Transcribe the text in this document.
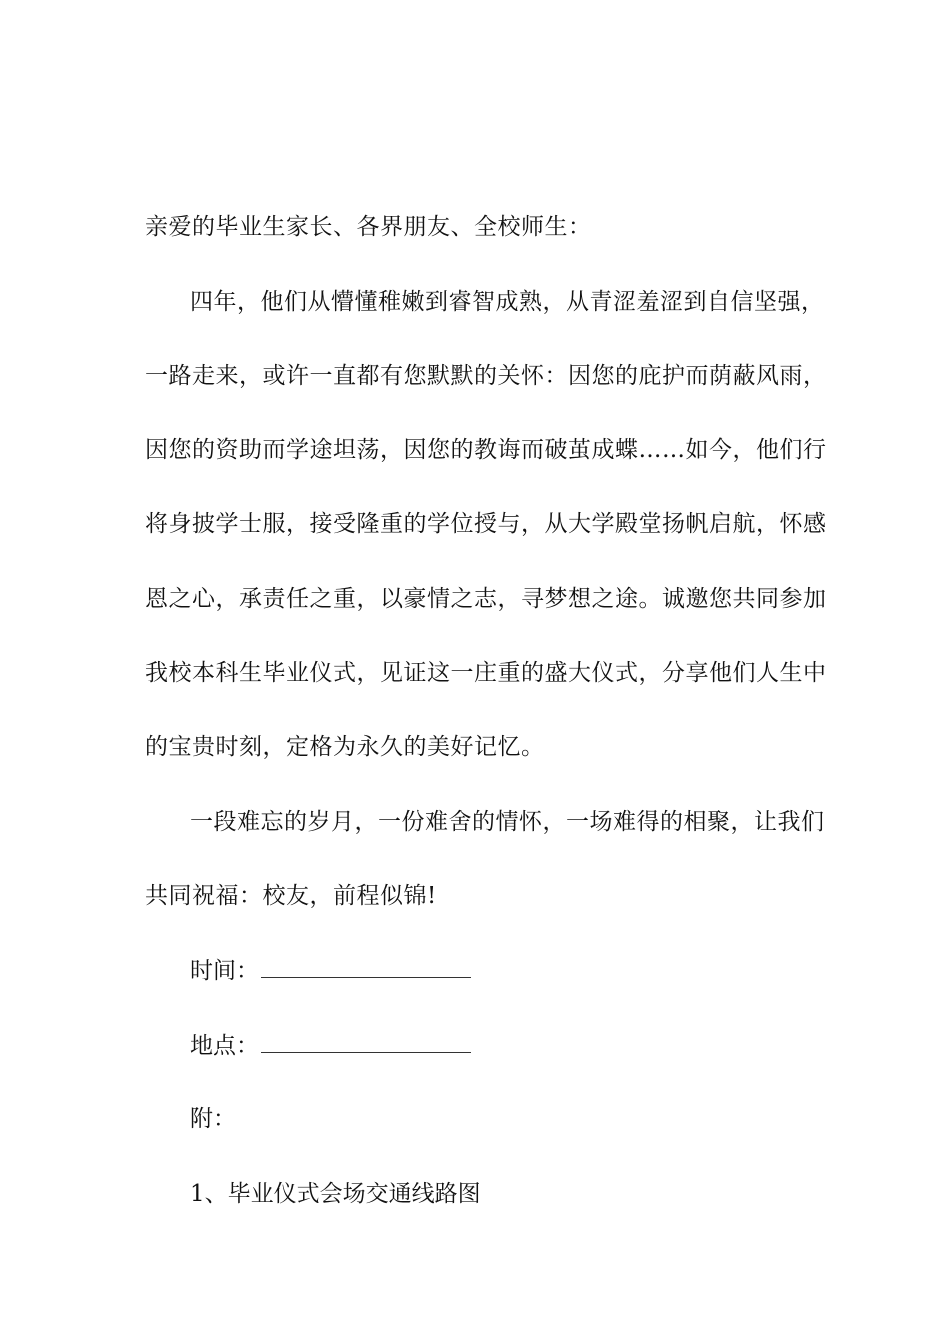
亲爱的毕业生家长、各界朋友、全校师生：
四年，他们从懵懂稚嫩到睿智成熟，从青涩羞涩到自信坚强，
一路走来，或许一直都有您默默的关怀：因您的庇护而荫蔽风雨，
因您的资助而学途坦荡，因您的教诲而破茧成蝶……如今，他们行
将身披学士服，接受隆重的学位授与，从大学殿堂扬帆启航，怀感
恩之心，承责任之重，以豪情之志，寻梦想之途。诚邀您共同参加
我校本科生毕业仪式，见证这一庄重的盛大仪式，分享他们人生中
的宝贵时刻，定格为永久的美好记忆。
一段难忘的岁月，一份难舍的情怀，一场难得的相聚，让我们
共同祝福：校友，前程似锦!
时间：
地点：
附：
1、毕业仪式会场交通线路图
